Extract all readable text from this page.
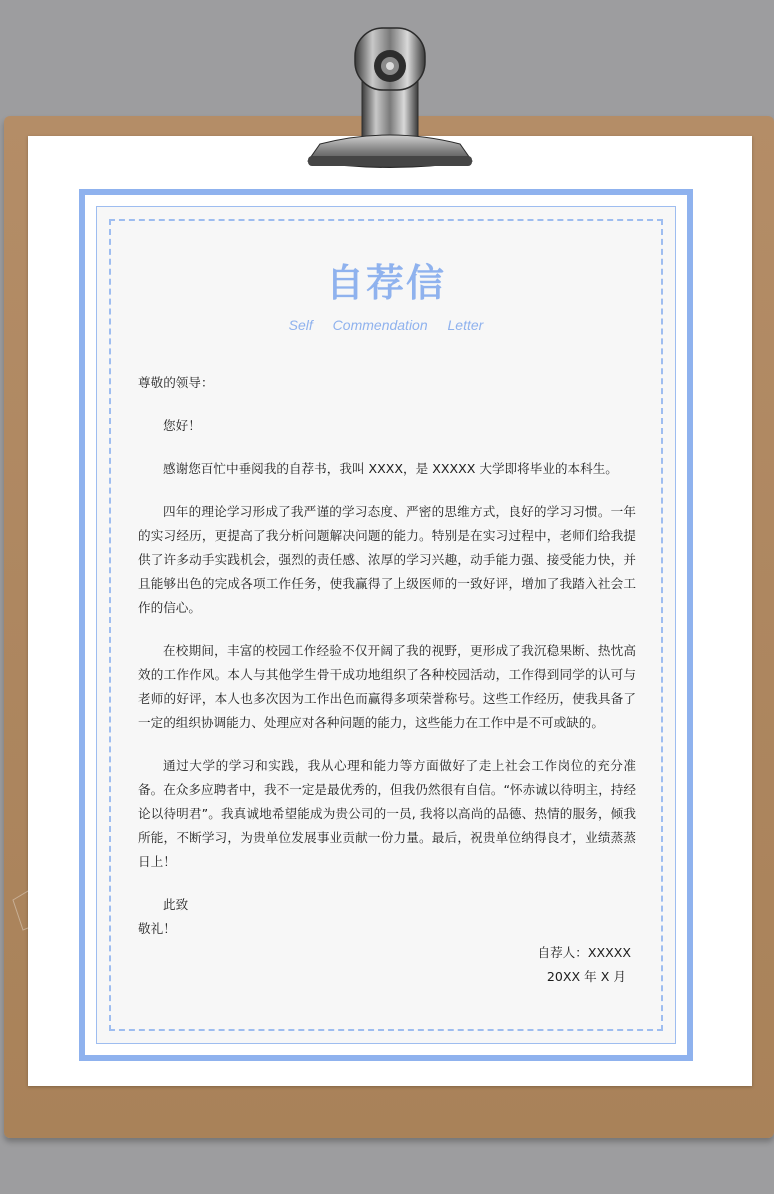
自荐信
Self Commendation Letter

尊敬的领导：

您好！

感谢您百忙中垂阅我的自荐书，我叫 XXXX，是 XXXXX 大学即将毕业的本科生。

四年的理论学习形成了我严谨的学习态度、严密的思维方式，良好的学习习惯。一年的实习经历，更提高了我分析问题解决问题的能力。特别是在实习过程中，老师们给我提供了许多动手实践机会，强烈的责任感、浓厚的学习兴趣，动手能力强、接受能力快，并且能够出色的完成各项工作任务，使我赢得了上级医师的一致好评，增加了我踏入社会工作的信心。

在校期间，丰富的校园工作经验不仅开阔了我的视野，更形成了我沉稳果断、热忱高效的工作作风。本人与其他学生骨干成功地组织了各种校园活动，工作得到同学的认可与老师的好评，本人也多次因为工作出色而赢得多项荣誉称号。这些工作经历，使我具备了一定的组织协调能力、处理应对各种问题的能力，这些能力在工作中是不可或缺的。

通过大学的学习和实践，我从心理和能力等方面做好了走上社会工作岗位的充分准备。在众多应聘者中，我不一定是最优秀的，但我仍然很有自信。“怀赤诚以待明主，持经论以待明君”。我真诚地希望能成为贵公司的一员, 我将以高尚的品德、热情的服务，倾我所能，不断学习，为贵单位发展事业贡献一份力量。最后，祝贵单位纳得良才，业绩蒸蒸日上！

此致

敬礼！

自荐人：XXXXX

20XX 年 X 月
